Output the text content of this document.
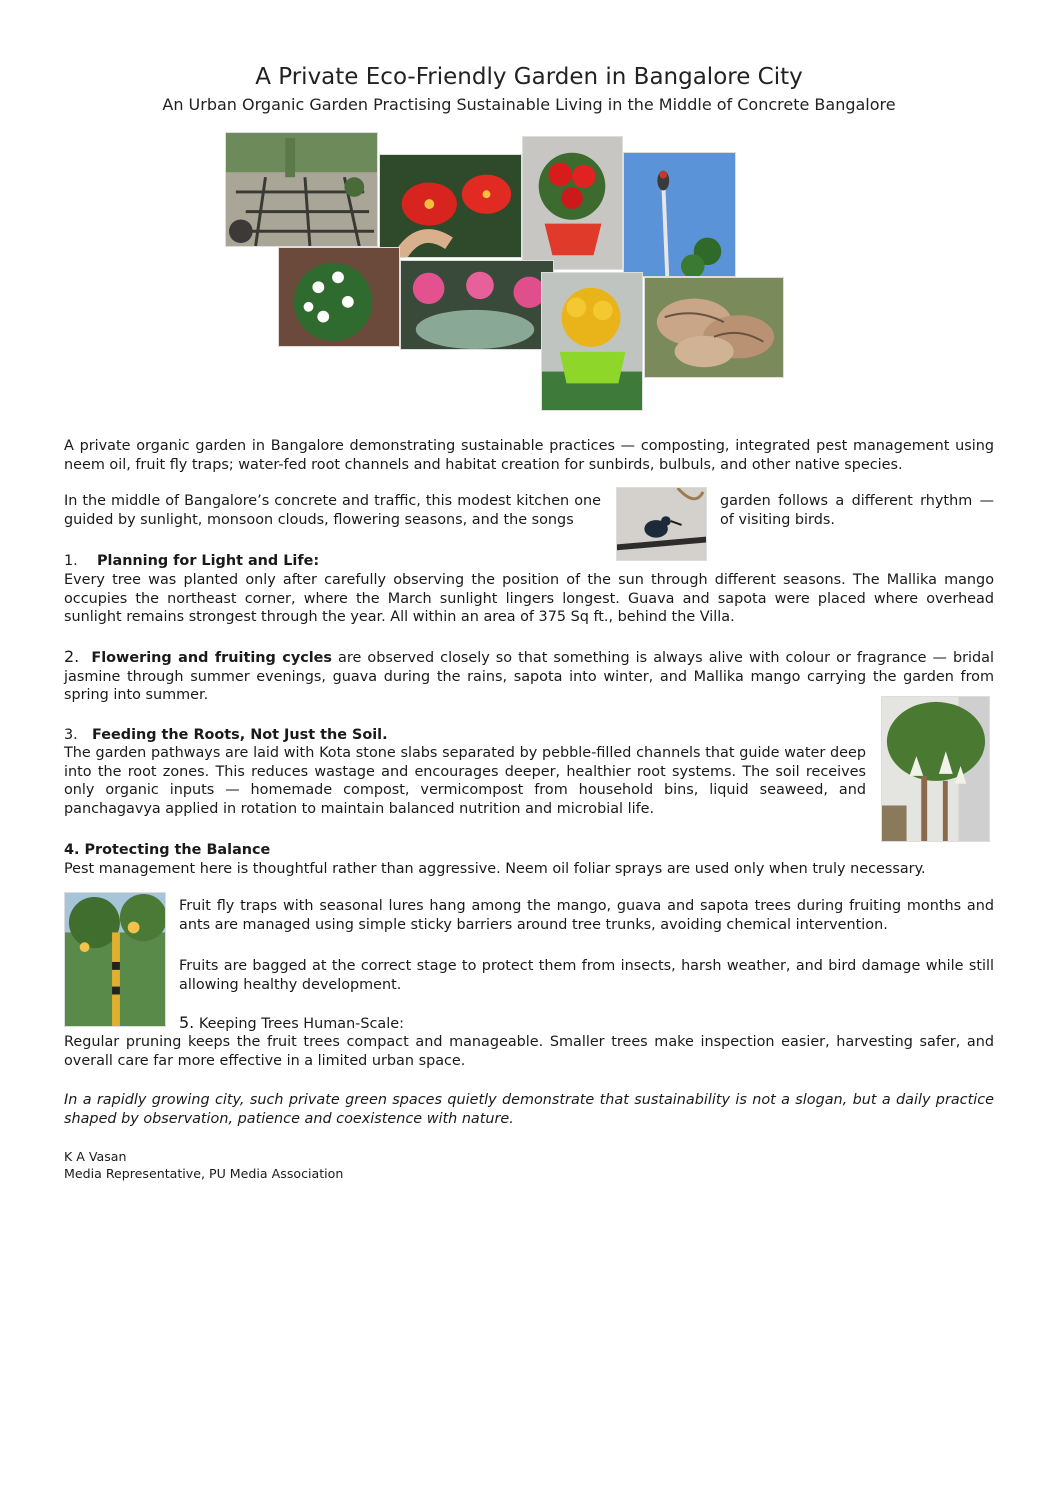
A Private Eco-Friendly Garden in Bangalore City
An Urban Organic Garden Practising Sustainable Living in the Middle of Concrete Bangalore
A private organic garden in Bangalore demonstrating sustainable practices — composting, integrated pest management using neem oil, fruit fly traps; water-fed root channels and habitat creation for sunbirds, bulbuls, and other native species.
In the middle of Bangalore’s concrete and traffic, this modest kitchen one guided by sunlight, monsoon clouds, flowering seasons, and the songs
garden follows a different rhythm — of visiting birds.
1. Planning for Light and Life:
Every tree was planted only after carefully observing the position of the sun through different seasons. The Mallika mango occupies the northeast corner, where the March sunlight lingers longest. Guava and sapota were placed where overhead sunlight remains strongest through the year. All within an area of 375 Sq ft., behind the Villa.
2. Flowering and fruiting cycles are observed closely so that something is always alive with colour or fragrance — bridal jasmine through summer evenings, guava during the rains, sapota into winter, and Mallika mango carrying the garden from spring into summer.
3. Feeding the Roots, Not Just the Soil.
The garden pathways are laid with Kota stone slabs separated by pebble-filled channels that guide water deep into the root zones. This reduces wastage and encourages deeper, healthier root systems. The soil receives only organic inputs — homemade compost, vermicompost from household bins, liquid seaweed, and panchagavya applied in rotation to maintain balanced nutrition and microbial life.
4. Protecting the Balance
Pest management here is thoughtful rather than aggressive. Neem oil foliar sprays are used only when truly necessary.
Fruit fly traps with seasonal lures hang among the mango, guava and sapota trees during fruiting months and ants are managed using simple sticky barriers around tree trunks, avoiding chemical intervention.
Fruits are bagged at the correct stage to protect them from insects, harsh weather, and bird damage while still allowing healthy development.
5. Keeping Trees Human-Scale:
Regular pruning keeps the fruit trees compact and manageable. Smaller trees make inspection easier, harvesting safer, and overall care far more effective in a limited urban space.
In a rapidly growing city, such private green spaces quietly demonstrate that sustainability is not a slogan, but a daily practice shaped by observation, patience and coexistence with nature.
K A Vasan
Media Representative, PU Media Association
